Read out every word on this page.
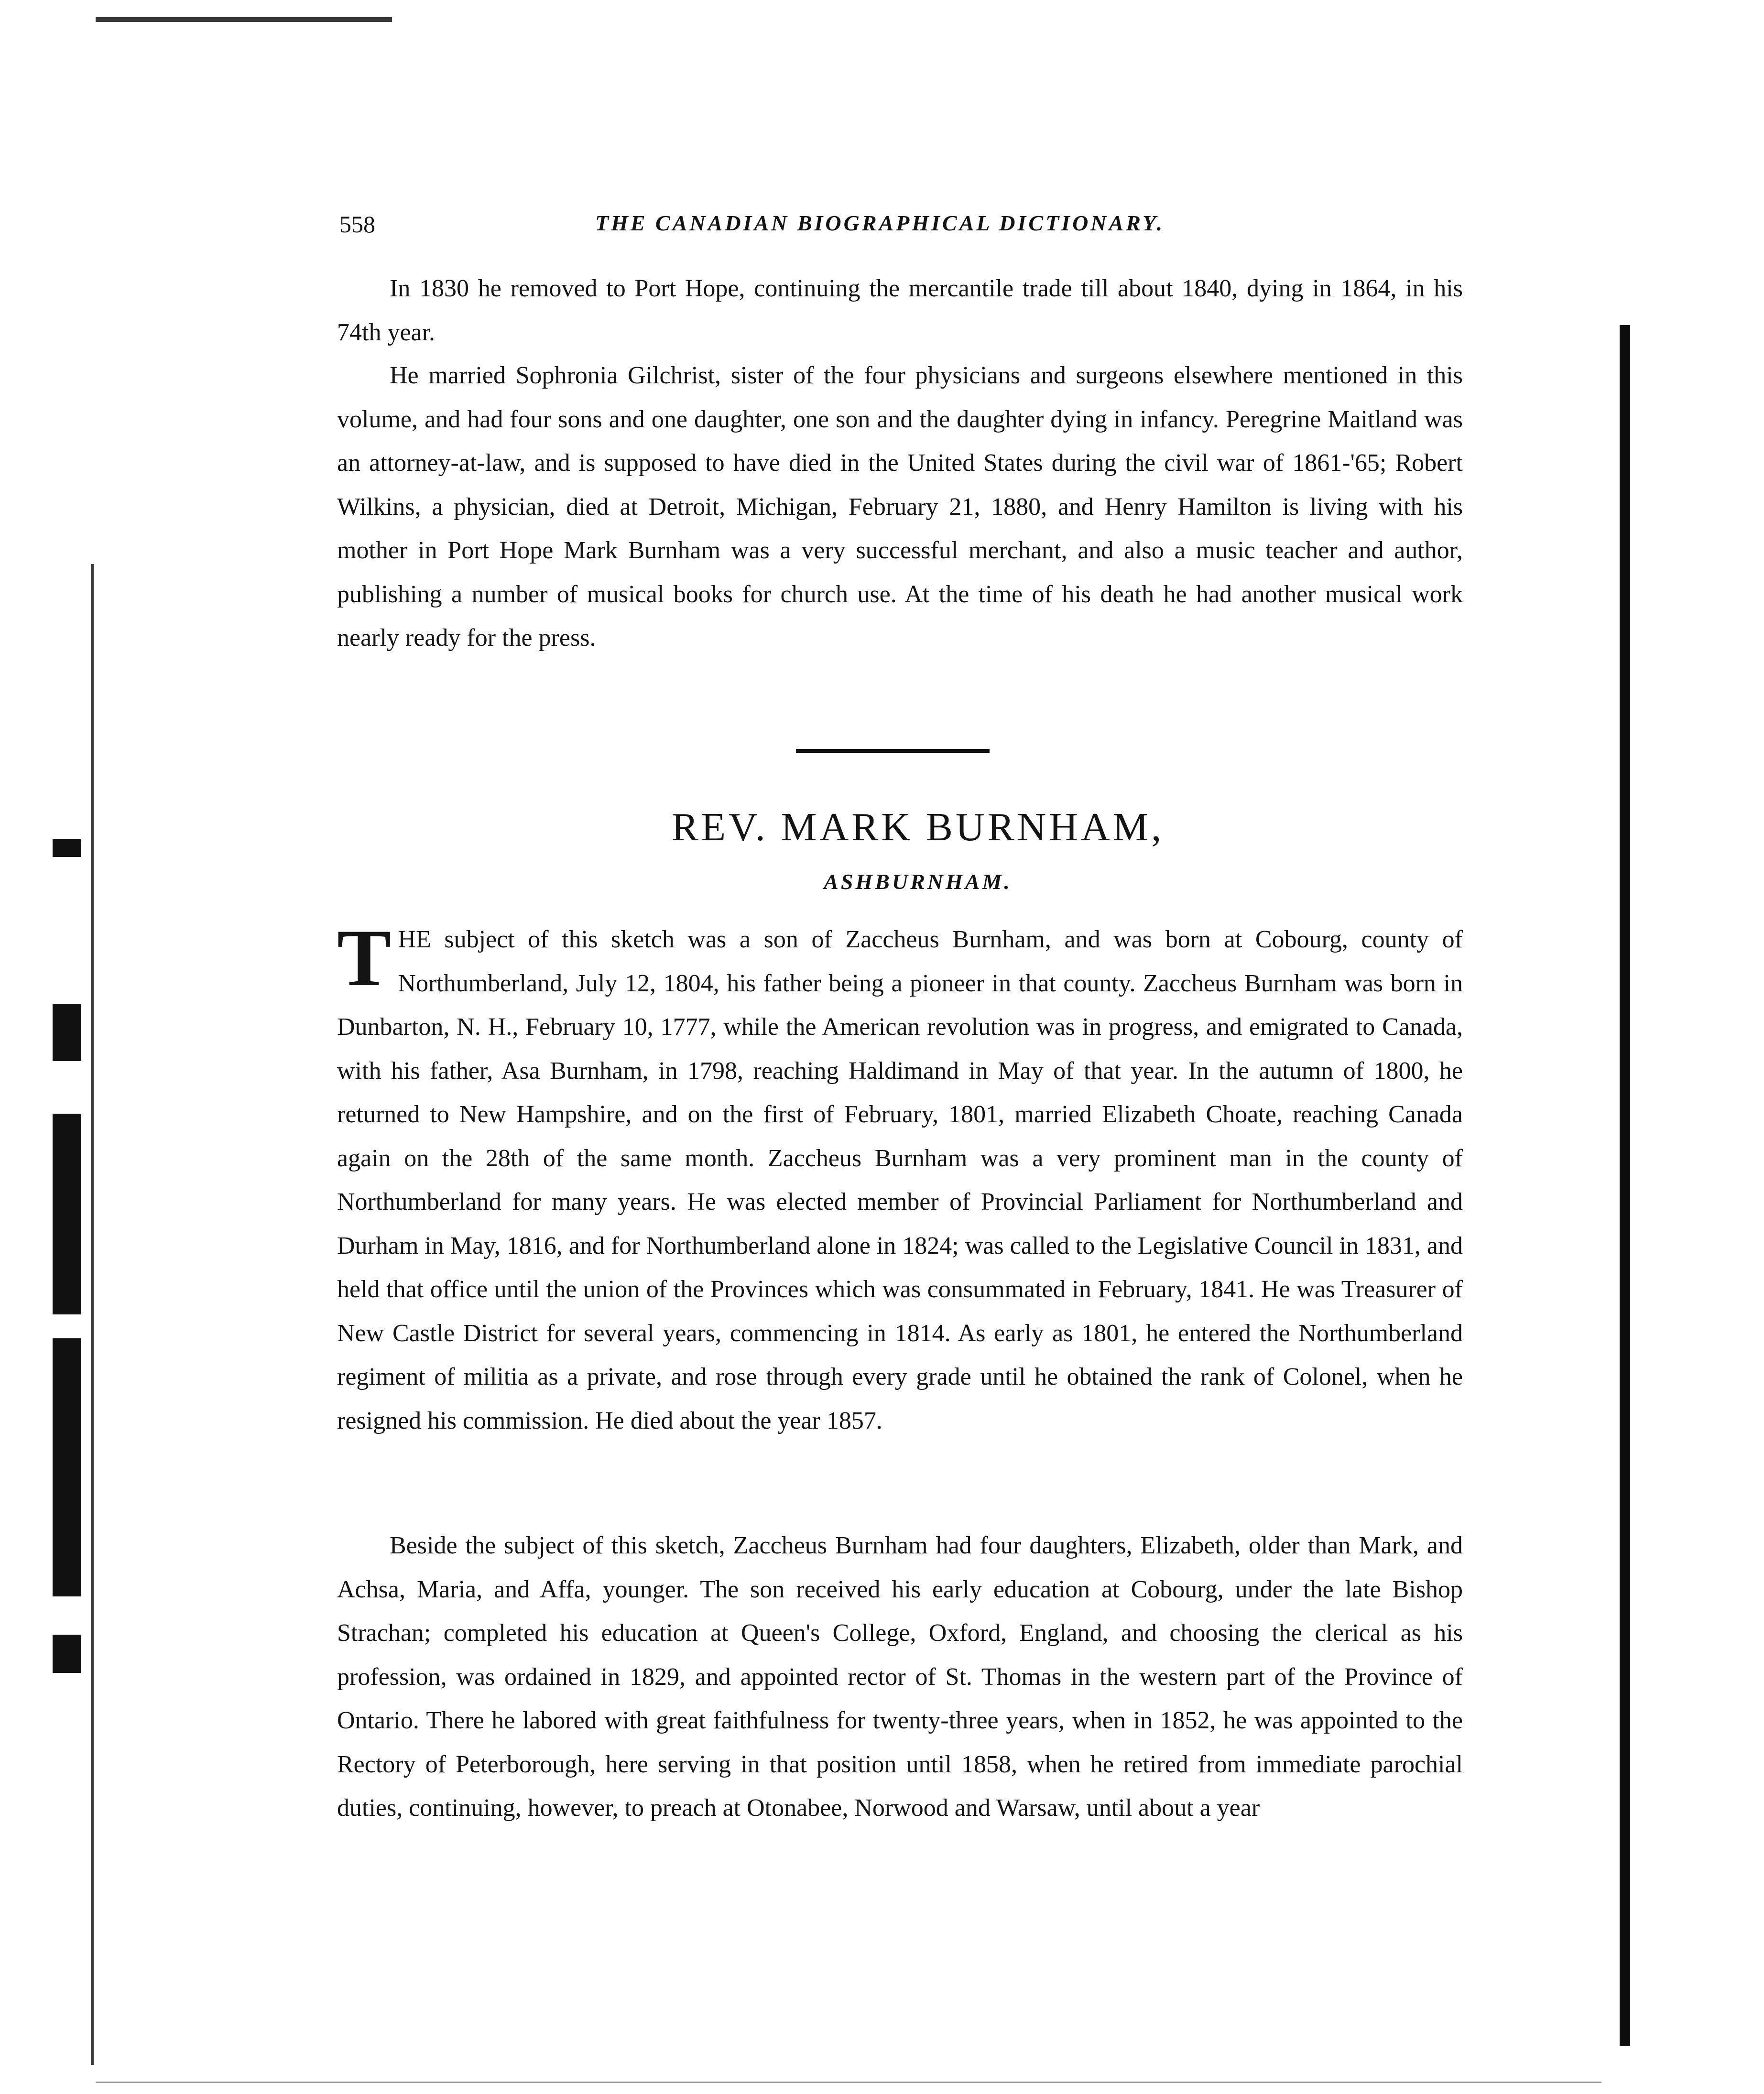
558	THE CANADIAN BIOGRAPHICAL DICTIONARY.

In 1830 he removed to Port Hope, continuing the mercantile trade till about 1840, dying in 1864, in his 74th year.

He married Sophronia Gilchrist, sister of the four physicians and surgeons elsewhere mentioned in this volume, and had four sons and one daughter, one son and the daughter dying in infancy. Peregrine Maitland was an attorney-at-law, and is supposed to have died in the United States during the civil war of 1861-'65; Robert Wilkins, a physician, died at Detroit, Michigan, February 21, 1880, and Henry Hamilton is living with his mother in Port Hope Mark Burnham was a very successful merchant, and also a music teacher and author, publishing a number of musical books for church use. At the time of his death he had another musical work nearly ready for the press.

REV. MARK BURNHAM,
ASHBURNHAM.

THE subject of this sketch was a son of Zaccheus Burnham, and was born at Cobourg, county of Northumberland, July 12, 1804, his father being a pioneer in that county. Zaccheus Burnham was born in Dunbarton, N. H., February 10, 1777, while the American revolution was in progress, and emigrated to Canada, with his father, Asa Burnham, in 1798, reaching Haldimand in May of that year. In the autumn of 1800, he returned to New Hampshire, and on the first of February, 1801, married Elizabeth Choate, reaching Canada again on the 28th of the same month. Zaccheus Burnham was a very prominent man in the county of Northumberland for many years. He was elected member of Provincial Parliament for Northumberland and Durham in May, 1816, and for Northumberland alone in 1824; was called to the Legislative Council in 1831, and held that office until the union of the Provinces which was consummated in February, 1841. He was Treasurer of New Castle District for several years, commencing in 1814. As early as 1801, he entered the Northumberland regiment of militia as a private, and rose through every grade until he obtained the rank of Colonel, when he resigned his commission. He died about the year 1857.

Beside the subject of this sketch, Zaccheus Burnham had four daughters, Elizabeth, older than Mark, and Achsa, Maria, and Affa, younger. The son received his early education at Cobourg, under the late Bishop Strachan; completed his education at Queen's College, Oxford, England, and choosing the clerical as his profession, was ordained in 1829, and appointed rector of St. Thomas in the western part of the Province of Ontario. There he labored with great faithfulness for twenty-three years, when in 1852, he was appointed to the Rectory of Peterborough, here serving in that position until 1858, when he retired from immediate parochial duties, continuing, however, to preach at Otonabee, Norwood and Warsaw, until about a year
